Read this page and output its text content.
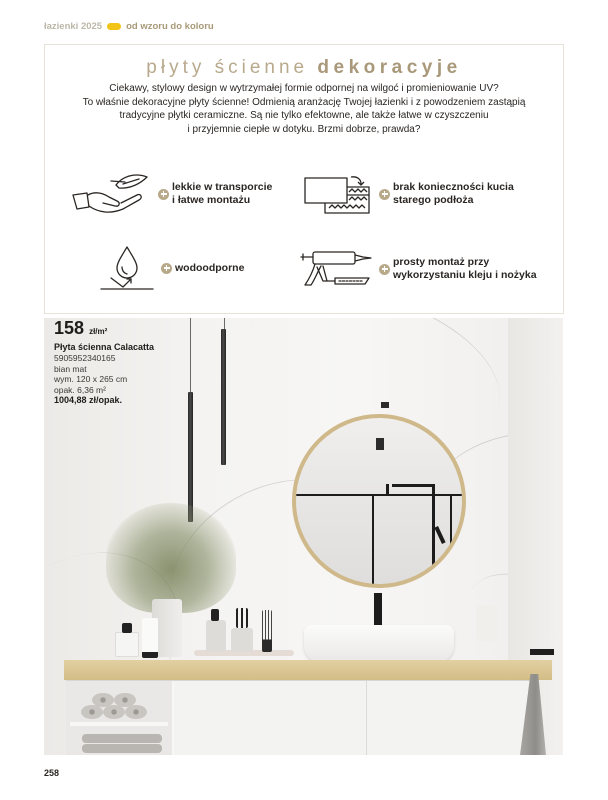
łazienki 2025	od wzoru do koloru
płyty ścienne dekoracyje
Ciekawy, stylowy design w wytrzymałej formie odpornej na wilgoć i promieniowanie UV?
To właśnie dekoracyjne płyty ścienne! Odmienią aranżację Twojej łazienki i z powodzeniem zastąpią
tradycyjne płytki ceramiczne. Są nie tylko efektowne, ale także łatwe w czyszczeniu
i przyjemnie ciepłe w dotyku. Brzmi dobrze, prawda?
lekkie w transporcie
i łatwe montażu
brak konieczności kucia
starego podłoża
wodoodporne	prosty montaż przy
wykorzystaniu kleju i nożyka
158 zł/m²
Płyta ścienna Calacatta
5905952340165
bian mat
wym. 120 x 265 cm
opak. 6,36 m²
1004,88 zł/opak.
258
